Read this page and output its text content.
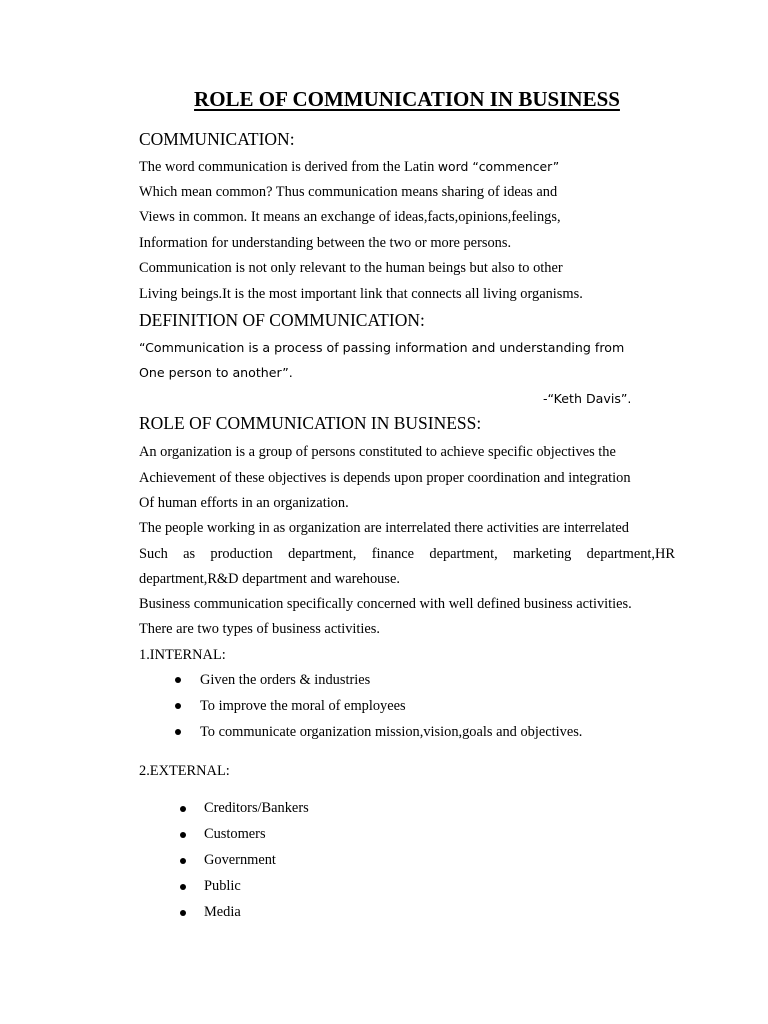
ROLE OF COMMUNICATION IN BUSINESS
COMMUNICATION:
The word communication is derived from the Latin word “commencer”
Which mean common? Thus communication means sharing of ideas and
Views in common. It means an exchange of ideas,facts,opinions,feelings,
Information for understanding between the two or more persons.
Communication is not only relevant to the human beings but also to other
Living beings.It is the most important link that connects all living organisms.
DEFINITION OF COMMUNICATION:
“Communication is a process of passing information and understanding from
One person to another”.
-“Keth Davis”.
ROLE OF COMMUNICATION IN BUSINESS:
An organization is a group of persons constituted to achieve specific objectives the
Achievement of these objectives is depends upon proper coordination and integration
Of human efforts in an organization.
The people working in as organization are interrelated there activities are interrelated
Such as production department, finance department, marketing department,HR
department,R&D department and warehouse.
Business communication specifically concerned with well defined business activities.
There are two types of business activities.
1.INTERNAL:
Given the orders & industries
To improve the moral of employees
To communicate organization mission,vision,goals and objectives.
2.EXTERNAL:
Creditors/Bankers
Customers
Government
Public
Media
